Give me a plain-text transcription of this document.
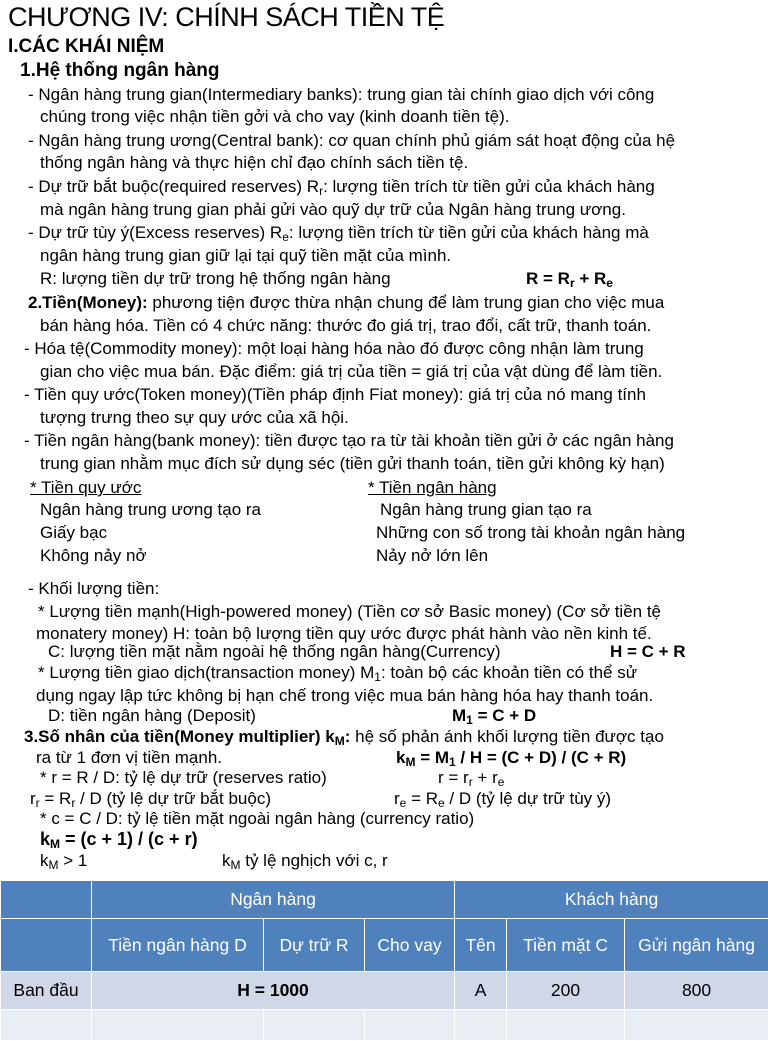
CHƯƠNG IV: CHÍNH SÁCH TIỀN TỆ
I.CÁC KHÁI NIỆM
1.Hệ thống ngân hàng
- Ngân hàng trung gian(Intermediary banks): trung gian tài chính giao dịch với công
chúng trong việc nhận tiền gởi và cho vay (kinh doanh tiền tệ).
- Ngân hàng trung ương(Central bank): cơ quan chính phủ giám sát hoạt động của hệ
thống ngân hàng và thực hiện chỉ đạo chính sách tiền tệ.
- Dự trữ bắt buộc(required reserves) $R_r$: lượng tiền trích từ tiền gửi của khách hàng
mà ngân hàng trung gian phải gửi vào quỹ dự trữ của Ngân hàng trung ương.
- Dự trữ tùy ý(Excess reserves) $R_e$: lượng tiền trích từ tiền gửi của khách hàng mà
ngân hàng trung gian giữ lại tại quỹ tiền mặt của mình.
R: lượng tiền dự trữ trong hệ thống ngân hàng	$R = R_r + R_e$
2.Tiền(Money): phương tiện được thừa nhận chung để làm trung gian cho việc mua
bán hàng hóa. Tiền có 4 chức năng: thước đo giá trị, trao đổi, cất trữ, thanh toán.
- Hóa tệ(Commodity money): một loại hàng hóa nào đó được công nhận làm trung
gian cho việc mua bán. Đặc điểm: giá trị của tiền = giá trị của vật dùng để làm tiền.
- Tiền quy ước(Token money)(Tiền pháp định Fiat money): giá trị của nó mang tính
tượng trưng theo sự quy ước của xã hội.
- Tiền ngân hàng(bank money): tiền được tạo ra từ tài khoản tiền gửi ở các ngân hàng
trung gian nhằm mục đích sử dụng séc (tiền gửi thanh toán, tiền gửi không kỳ hạn)
* Tiền quy ước	* Tiền ngân hàng
Ngân hàng trung ương tạo ra	Ngân hàng trung gian tạo ra
Giấy bạc	Những con số trong tài khoản ngân hàng
Không nảy nở	Nảy nở lớn lên
- Khối lượng tiền:
* Lượng tiền mạnh(High-powered money) (Tiền cơ sở Basic money) (Cơ sở tiền tệ
monatery money) H: toàn bộ lượng tiền quy ước được phát hành vào nền kinh tế.
C: lượng tiền mặt nằm ngoài hệ thống ngân hàng(Currency)	H = C + R
* Lượng tiền giao dịch(transaction money) $M_1$: toàn bộ các khoản tiền có thể sử
dụng ngay lập tức không bị hạn chế trong việc mua bán hàng hóa hay thanh toán.
D: tiền ngân hàng (Deposit)	$M_1 = C + D$
3.Số nhân của tiền(Money multiplier) $k_M$: hệ số phản ánh khối lượng tiền được tạo
ra từ 1 đơn vị tiền mạnh.	$k_M = M_1 / H = (C + D) / (C + R)$
* r = R / D: tỷ lệ dự trữ (reserves ratio)	$r = r_r + r_e$
$r_r = R_r / D$ (tỷ lệ dự trữ bắt buộc)	$r_e = R_e / D$ (tỷ lệ dự trữ tùy ý)
* c = C / D: tỷ lệ tiền mặt ngoài ngân hàng (currency ratio)
$k_M = (c + 1) / (c + r)$
$k_M > 1$	$k_M$ tỷ lệ nghịch với c, r
	Ngân hàng			Khách hàng		
	Tiền ngân hàng D	Dự trữ R	Cho vay	Tên	Tiền mặt C	Gửi ngân hàng
Ban đầu	H = 1000			A	200	800
